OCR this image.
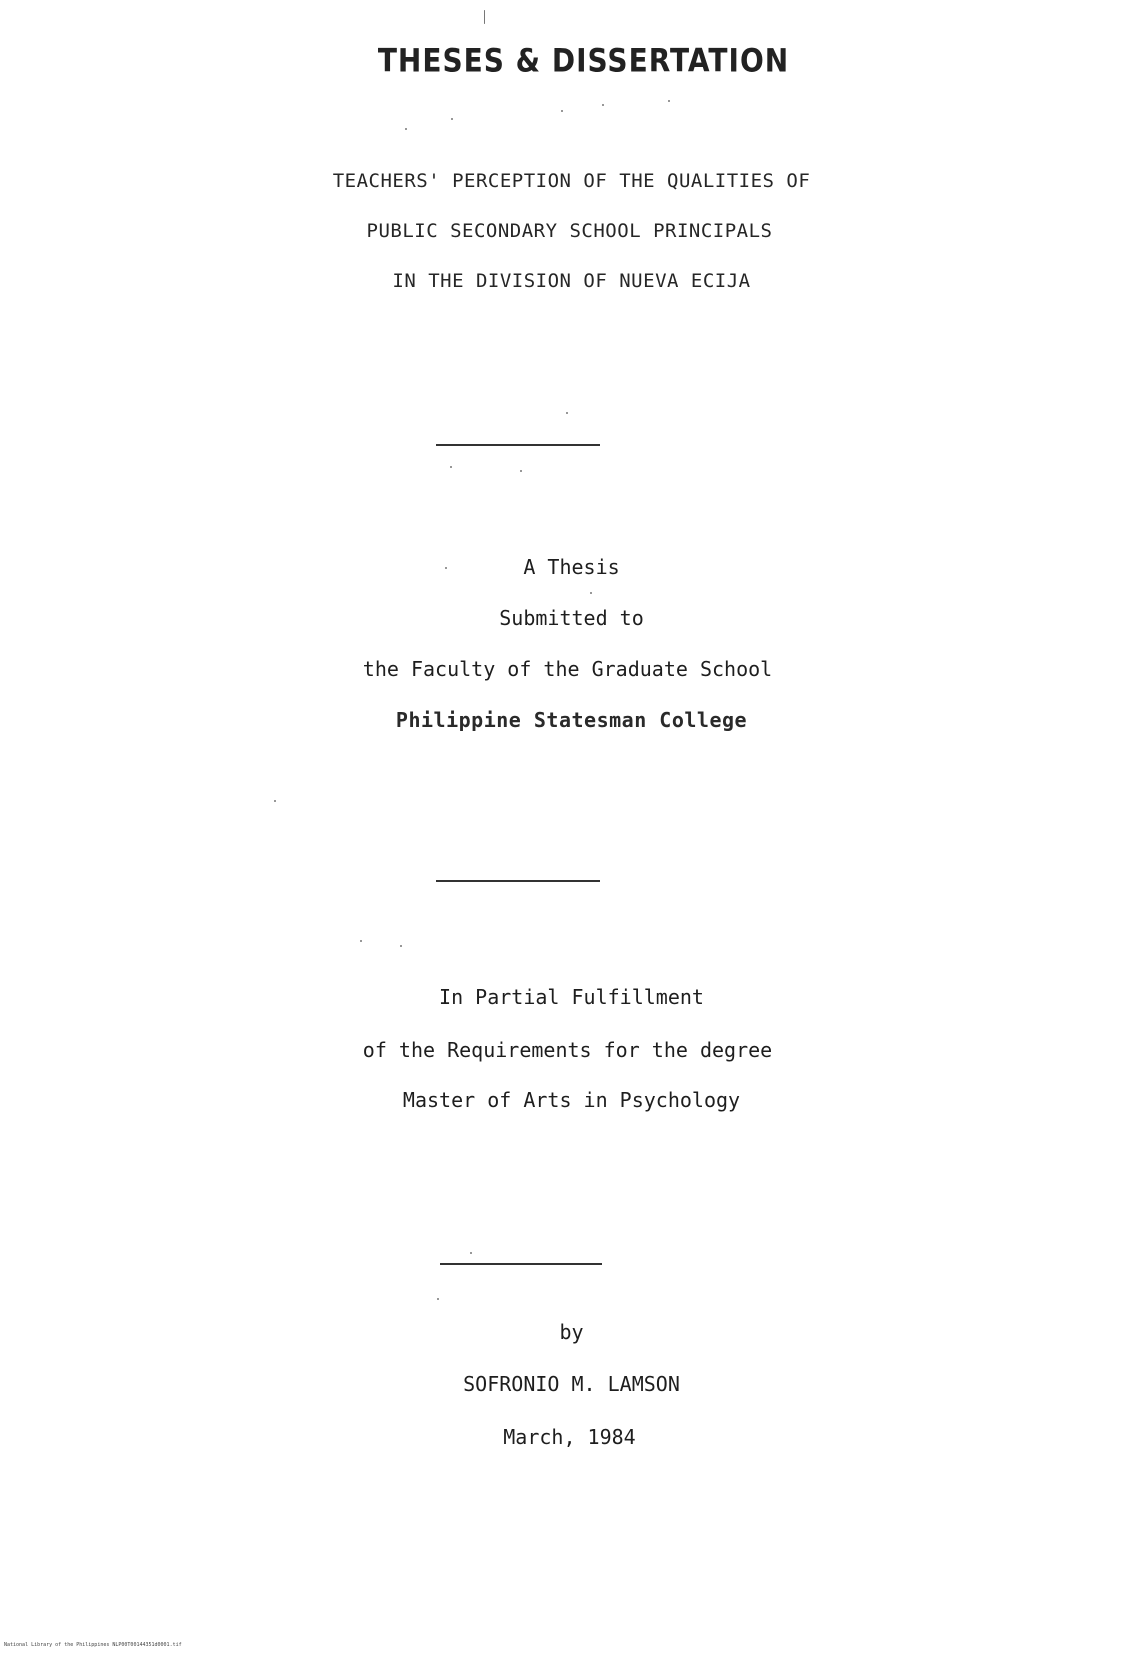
THESES & DISSERTATION
TEACHERS' PERCEPTION OF THE QUALITIES OF
PUBLIC SECONDARY SCHOOL PRINCIPALS
IN THE DIVISION OF NUEVA ECIJA
A Thesis
Submitted to
the Faculty of the Graduate School
Philippine Statesman College
In Partial Fulfillment
of the Requirements for the degree
Master of Arts in Psychology
by
SOFRONIO M. LAMSON
March, 1984
National Library of the Philippines NLP00T00144351d0001.tif
